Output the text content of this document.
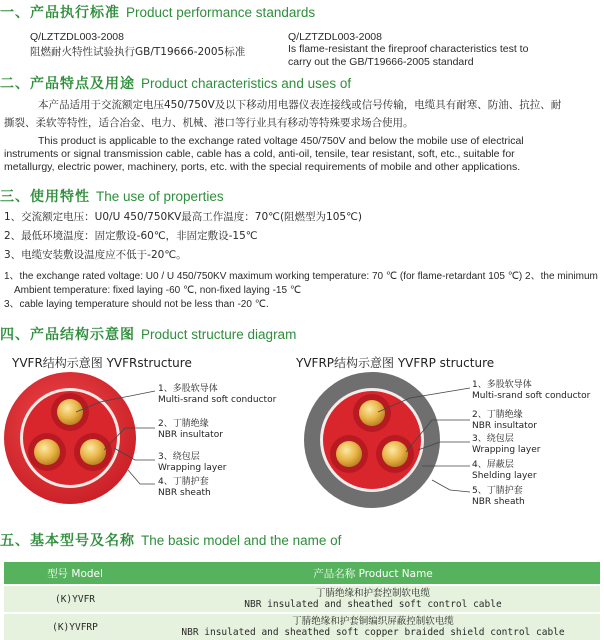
一、产品执行标准 Product performance standards
Q/LZTZDL003-2008
阻燃耐火特性试验执行GB/T19666-2005标准
Q/LZTZDL003-2008
Is flame-resistant the fireproof characteristics test to
carry out the GB/T19666-2005 standard
二、产品特点及用途 Product characteristics and uses of
本产品适用于交流额定电压450/750V及以下移动用电器仪表连接线或信号传输，电缆具有耐寒、防油、抗拉、耐
撕裂、柔软等特性，适合冶金、电力、机械、港口等行业具有移动等特殊要求场合使用。
This product is applicable to the exchange rated voltage 450/750V and below the mobile use of electrical
instruments or signal transmission cable, cable has a cold, anti-oil, tensile, tear resistant, soft, etc., suitable for
metallurgy, electric power, machinery, ports, etc. with the special requirements of mobile and other applications.
三、使用特性 The use of properties
1、交流额定电压：U0/U 450/750KV最高工作温度：70℃(阻燃型为105℃)
2、最低环境温度：固定敷设-60℃，非固定敷设-15℃
3、电缆安装敷设温度应不低于-20℃。
1、the exchange rated voltage: U0 / U 450/750KV maximum working temperature: 70 ℃ (for flame-retardant 105 ℃) 2、the minimum
Ambient temperature: fixed laying -60 ℃, non-fixed laying -15 ℃
3、cable laying temperature should not be less than -20 ℃.
四、产品结构示意图 Product structure diagram
YVFR结构示意图 YVFRstructure	YVFRP结构示意图 YVFRP structure
1、多股软导体
Multi-srand soft conductor
2、丁腈绝缘
NBR insultator
3、绕包层
Wrapping layer
4、丁腈护套
NBR sheath
1、多股软导体
Multi-srand soft conductor
2、丁腈绝缘
NBR insultator
3、绕包层
Wrapping layer
4、屏蔽层
Shelding layer
5、丁腈护套
NBR sheath
五、基本型号及名称 The basic model and the name of
型号 Model	产品名称 Product Name
(K)YVFR	丁腈绝缘和护套控制软电缆
NBR insulated and sheathed soft control cable
(K)YVFRP	丁腈绝缘和护套铜编织屏蔽控制软电缆
NBR insulated and sheathed soft copper braided shield control cable
